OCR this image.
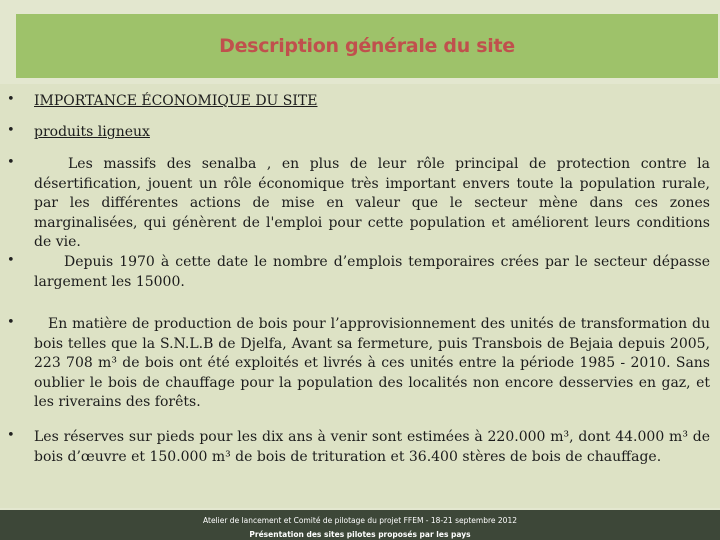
Description générale du site
• IMPORTANCE ÉCONOMIQUE DU SITE
• produits ligneux
•	Les massifs des senalba , en plus de leur rôle principal de protection contre la désertification, jouent un rôle économique très important envers toute la population rurale, par les différentes actions de mise en valeur que le secteur mène dans ces zones marginalisées, qui génèrent de l'emploi pour cette population et améliorent leurs conditions de vie.
•	Depuis 1970 à cette date le nombre d’emplois temporaires crées par le secteur dépasse largement les 15000.
•	En matière de production de bois pour l’approvisionnement des unités de transformation du bois telles que la S.N.L.B de Djelfa, Avant sa fermeture, puis Transbois de Bejaia depuis 2005, 223 708 m³ de bois ont été exploités et livrés à ces unités entre la période 1985 - 2010. Sans oublier le bois de chauffage pour la population des localités non encore desservies en gaz, et les riverains des forêts.
• Les réserves sur pieds pour les dix ans à venir sont estimées à 220.000 m³, dont 44.000 m³ de bois d’œuvre et 150.000 m³ de bois de trituration et 36.400 stères de bois de chauffage.
Atelier de lancement et Comité de pilotage du projet FFEM - 18-21 septembre 2012
Présentation des sites pilotes proposés par les pays
